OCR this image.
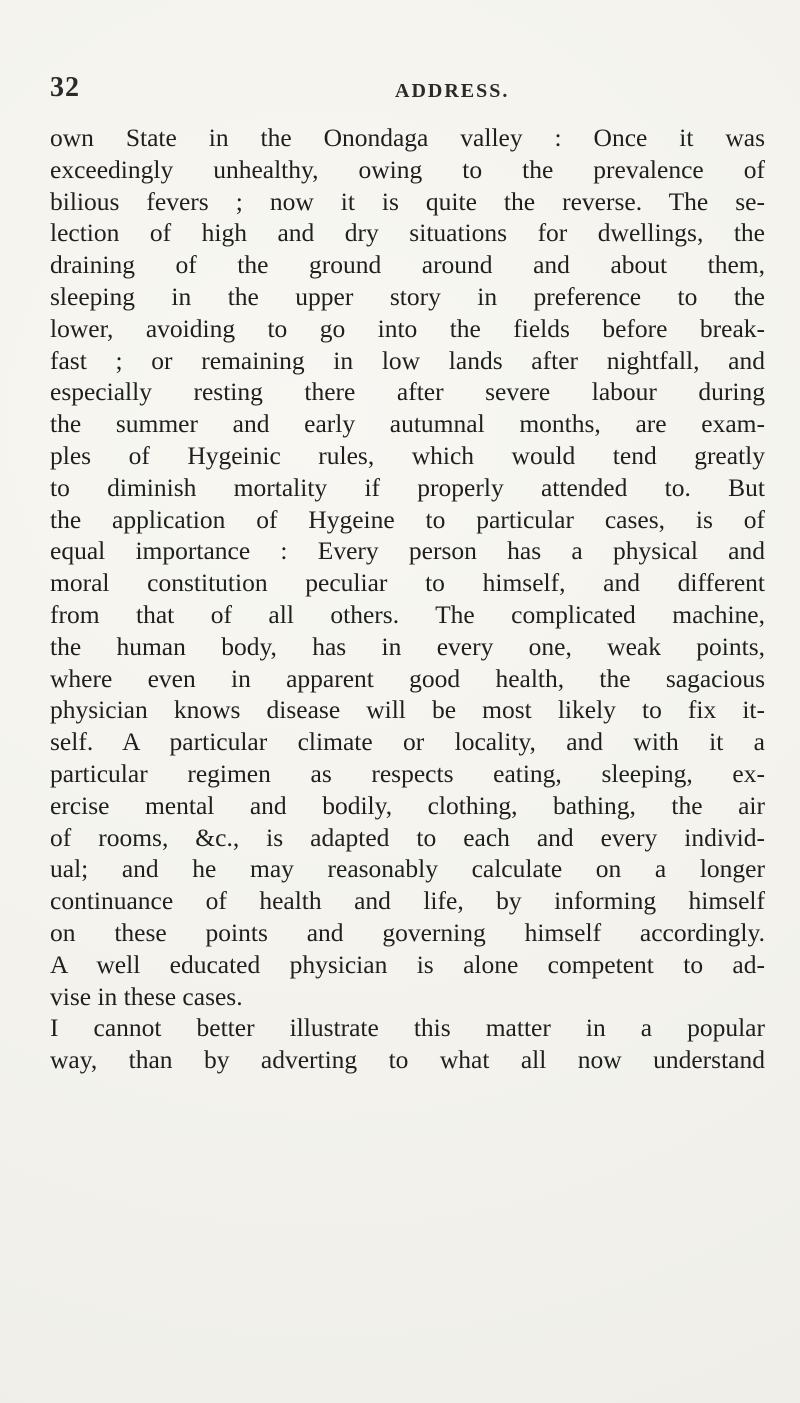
32	ADDRESS.
own State in the Onondaga valley : Once it was
exceedingly unhealthy, owing to the prevalence of
bilious fevers ; now it is quite the reverse. The se-
lection of high and dry situations for dwellings, the
draining of the ground around and about them,
sleeping in the upper story in preference to the
lower, avoiding to go into the fields before break-
fast ; or remaining in low lands after nightfall, and
especially resting there after severe labour during
the summer and early autumnal months, are exam-
ples of Hygeinic rules, which would tend greatly
to diminish mortality if properly attended to. But
the application of Hygeine to particular cases, is of
equal importance : Every person has a physical and
moral constitution peculiar to himself, and different
from that of all others. The complicated machine,
the human body, has in every one, weak points,
where even in apparent good health, the sagacious
physician knows disease will be most likely to fix it-
self. A particular climate or locality, and with it a
particular regimen as respects eating, sleeping, ex-
ercise mental and bodily, clothing, bathing, the air
of rooms, &c., is adapted to each and every individ-
ual; and he may reasonably calculate on a longer
continuance of health and life, by informing himself
on these points and governing himself accordingly.
A well educated physician is alone competent to ad-
vise in these cases.
I cannot better illustrate this matter in a popular
way, than by adverting to what all now understand
